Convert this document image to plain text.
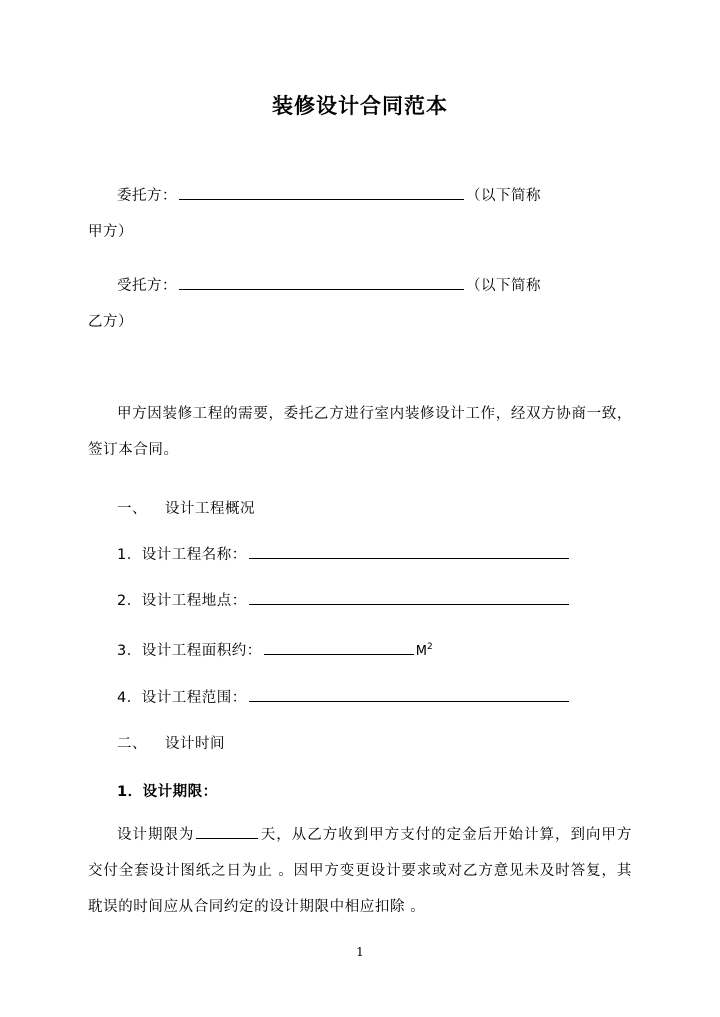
装修设计合同范本

委托方：	（以下简称

甲方）

受托方：	（以下简称

乙方）

甲方因装修工程的需要，委托乙方进行室内装修设计工作，经双方协商一致，签订本合同。

一、 设计工程概况

1．设计工程名称：

2．设计工程地点：

3．设计工程面积约：	$M^2$

4．设计工程范围：

二、 设计时间

1．设计期限：

设计期限为	天，从乙方收到甲方支付的定金后开始计算，到向甲方交付全套设计图纸之日为止 。因甲方变更设计要求或对乙方意见未及时答复，其耽误的时间应从合同约定的设计期限中相应扣除 。

1
